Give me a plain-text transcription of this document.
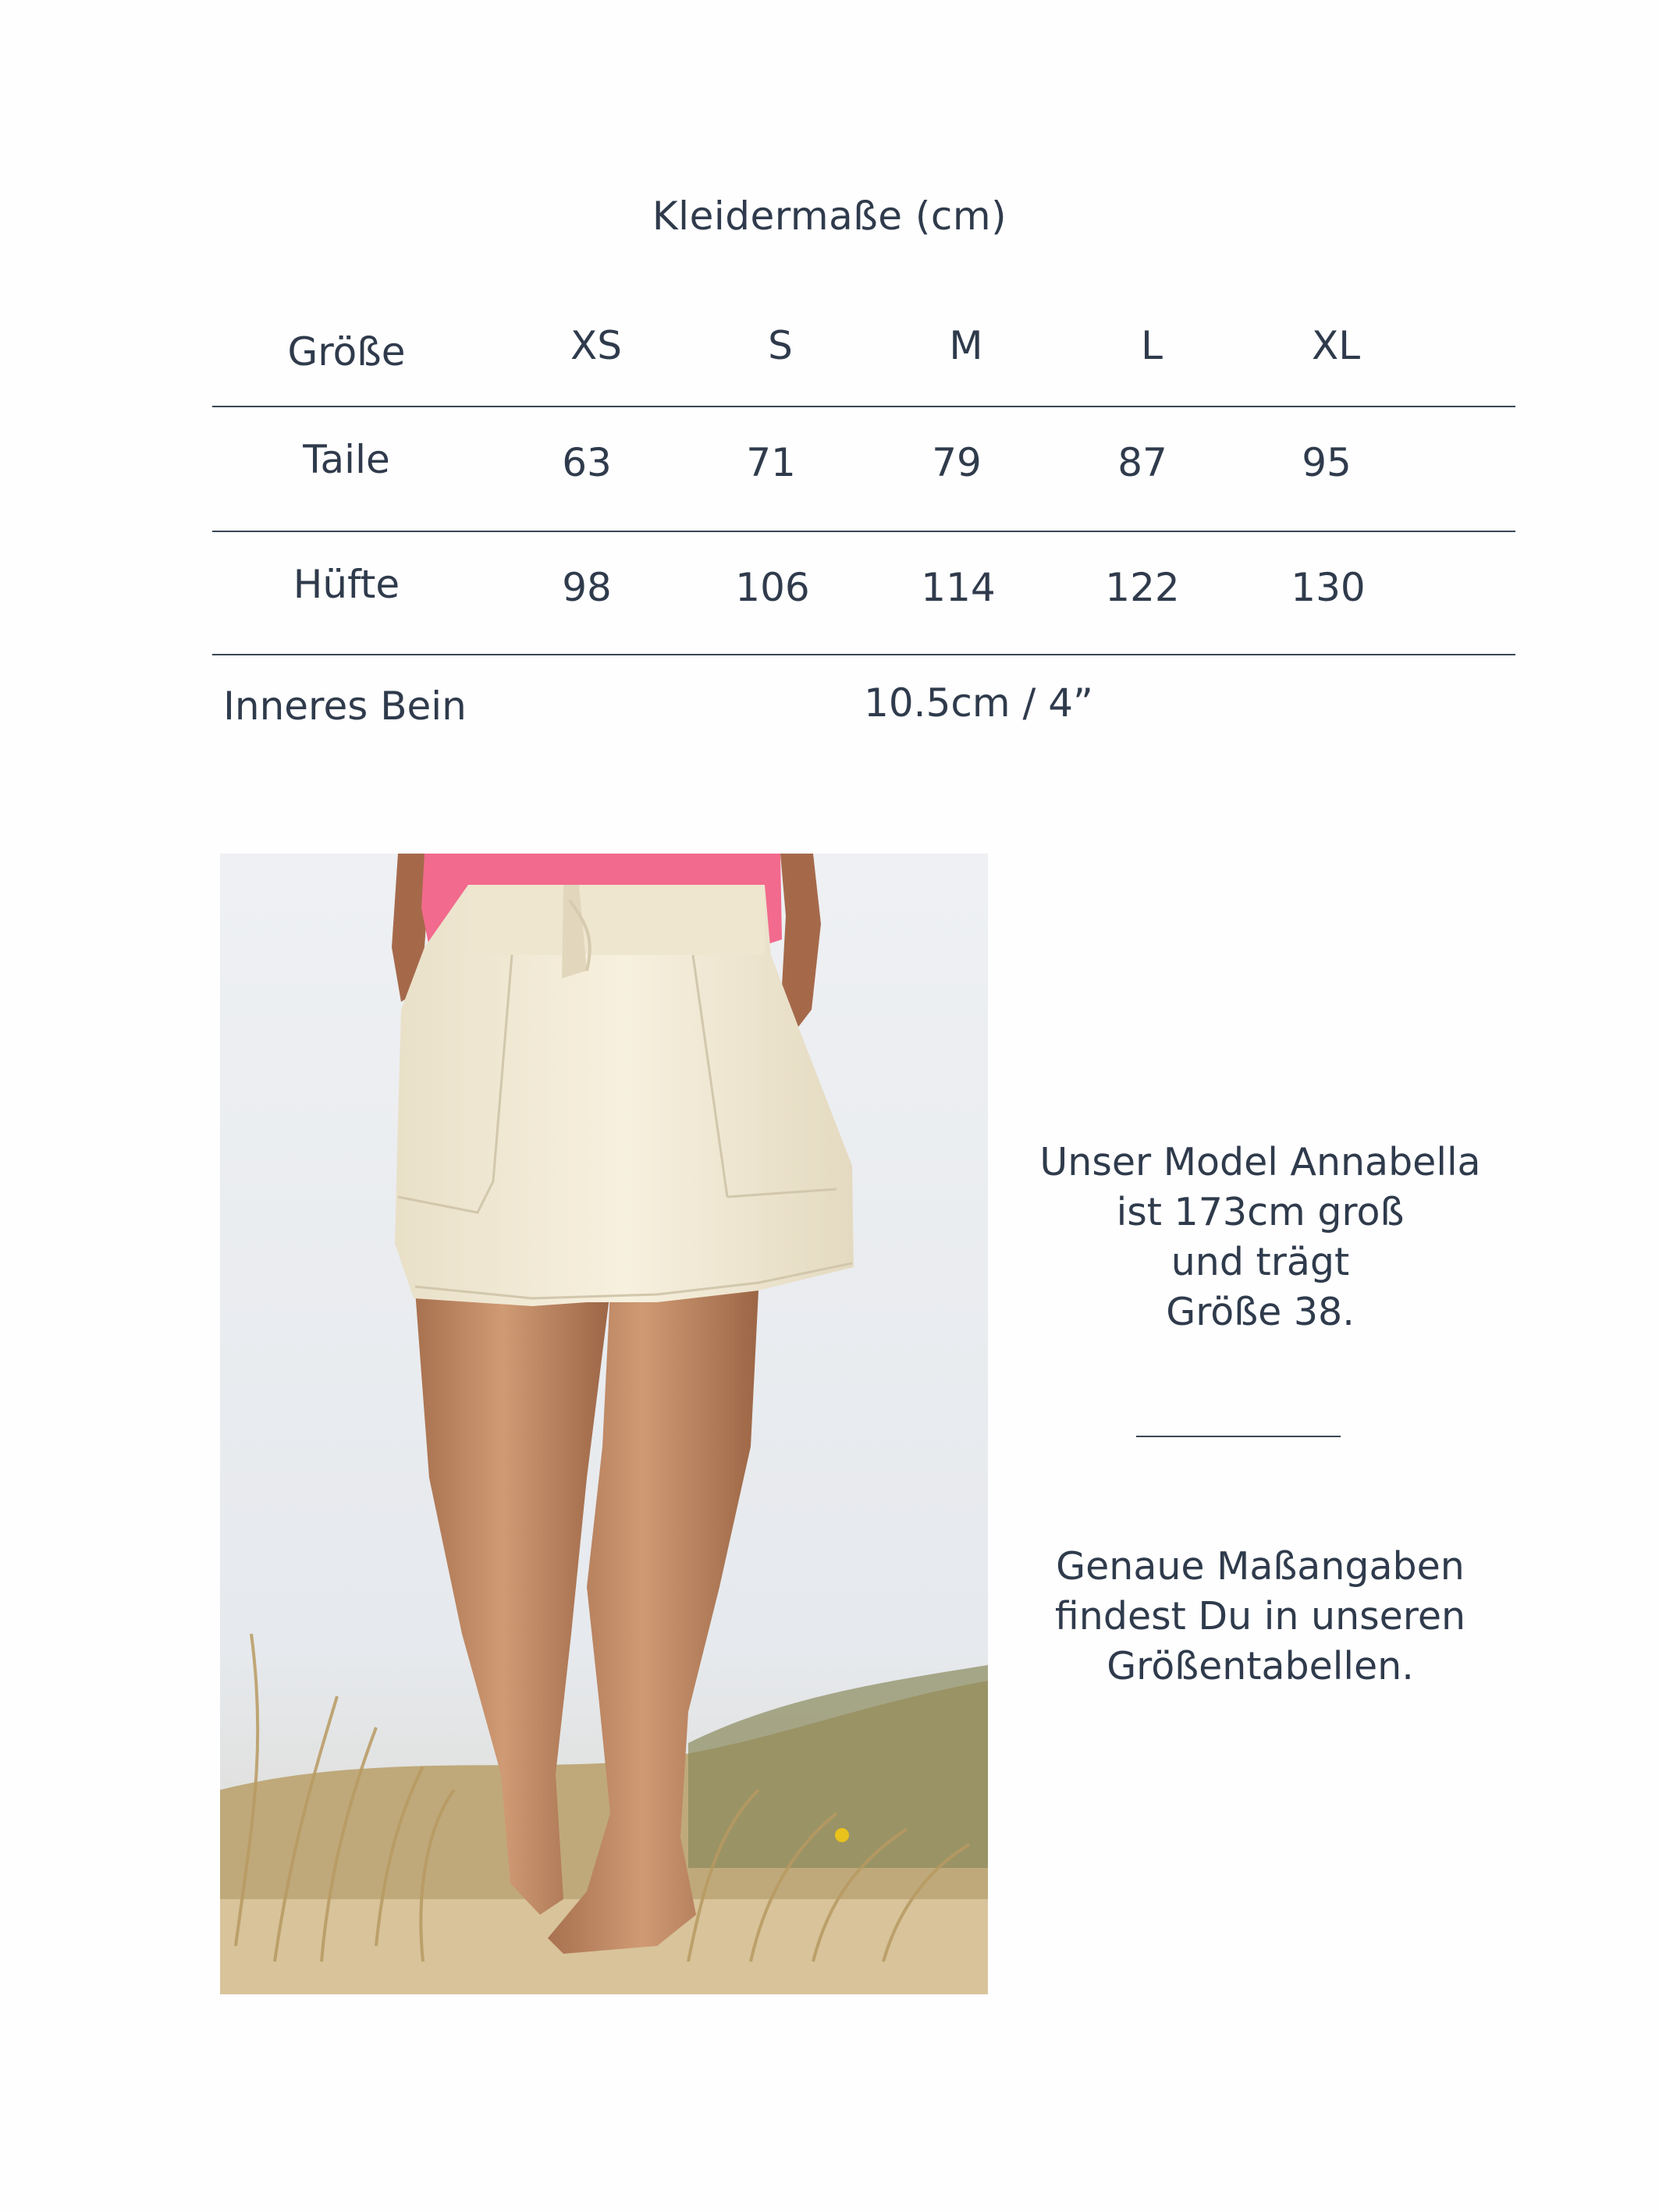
Kleidermaße (cm)
Größe	XS	S	M	L	XL
Taile	63	71	79	87	95
Hüfte	98	106	114	122	130
Inneres Bein	10.5cm / 4”
Unser Model Annabella
ist 173cm groß
und trägt
Größe 38.
Genaue Maßangaben
findest Du in unseren
Größentabellen.
